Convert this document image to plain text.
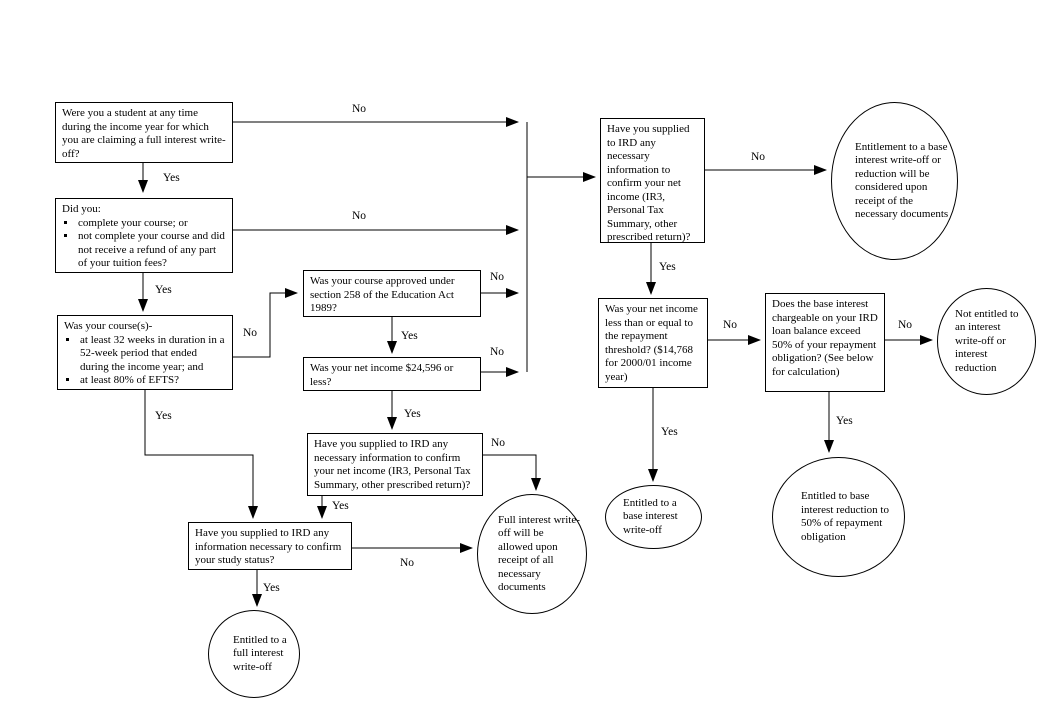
Were you a student at any time during the income year for which you are claiming a full interest write-off?
Did you:
▪ complete your course; or
▪ not complete your course and did not receive a refund of any part of your tuition fees?
Was your course(s)-
▪ at least 32 weeks in duration in a 52-week period that ended during the income year; and
▪ at least 80% of EFTS?
Was your course approved under section 258 of the Education Act 1989?
Was your net income $24,596 or less?
Have you supplied to IRD any necessary information to confirm your net income (IR3, Personal Tax Summary, other prescribed return)?
Have you supplied to IRD any information necessary to confirm your study status?
Have you supplied to IRD any necessary information to confirm your net income (IR3, Personal Tax Summary, other prescribed return)?
Was your net income less than or equal to the repayment threshold? ($14,768 for 2000/01 income year)
Does the base interest chargeable on your IRD loan balance exceed 50% of your repayment obligation? (See below for calculation)
Entitled to a full interest write-off
Full interest write-off will be allowed upon receipt of all necessary documents
Entitlement to a base interest write-off or reduction will be considered upon receipt of the necessary documents
Not entitled to an interest write-off or interest reduction
Entitled to a base interest write-off
Entitled to base interest reduction to 50% of repayment obligation
Yes
No
Yes
No
Yes
No	Yes
No
Yes
No
Yes
No
Yes
No
Yes
No
Yes
No
Yes
No
